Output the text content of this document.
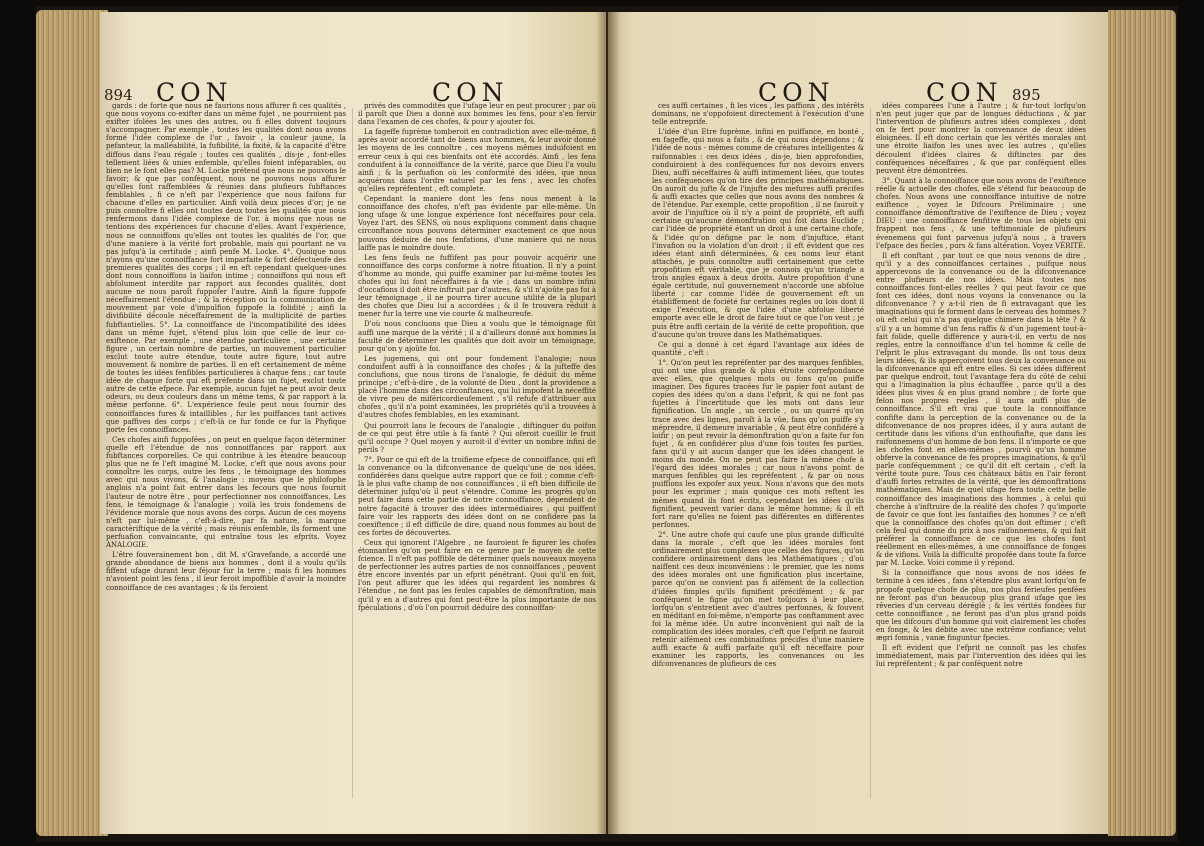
894 CON	CON

gards : de forte que nous ne faurions nous affurer fi ces qualités , que nous voyons co-exifter dans un même fujet , ne pourroient pas exifter ifolées les unes des autres, ou fi elles doivent toujours s'accompagner. Par exemple , toutes les qualités dont nous avons formé l'idée complexe de l'or , favoir , la couleur jaune, la pefanteur, la malléabilité, la fufibilité, la fixité, & la capacité d'être diffous dans l'eau régale ; toutes ces qualités , dis-je , font-elles tellement liées & unies enfemble, qu'elles foient inféparables, ou bien ne le font elles pas? M. Locke prétend que nous ne pouvons le favoir; & que par conféquent, nous ne pouvons nous affurer qu'elles font raffemblées & réunies dans plufieurs fubftances femblables , fi ce n'eft par l'expérience que nous faifons fur chacune d'elles en particulier. Ainfi voilà deux pieces d'or; je ne puis connoître fi elles ont toutes deux toutes les qualités que nous renfermons dans l'idée complexe de l'or, à moins que nous ne tentions des expériences fur chacune d'elles. Avant l'expérience, nous ne connoiffons qu'elles ont toutes les qualités de l'or, que d'une maniere à la vérité fort probable, mais qui pourtant ne va pas jufqu'à la certitude ; ainfi penfe M. Locke. 4°. Quoique nous n'ayons qu'une connoiffance fort imparfaite & fort défectueufe des premieres qualités des corps ; il en eft cependant quelques-unes dont nous connoiffons la liaifon intime ; connoiffons qui nous eft abfolument interdite par rapport aux fecondes qualités, dont aucune ne nous paroît fuppofer l'autre. Ainfi la figure fuppofe néceffairement l'étendue ; & la réception ou la communication de mouvement par voie d'impulfion fuppofe la folidité ; ainfi la divifibilité découle néceffairement de la multiplicité de parties fubftantielles. 5°. La connoiffance de l'incompatibilité des idées dans un même fujet, s'étend plus loin que celle de leur co-exiftence. Par exemple , une étendue particuliere , une certaine figure , un certain nombre de parties, un mouvement particulier exclut toute autre étendue, toute autre figure, tout autre mouvement & nombre de parties. Il en eft certainement de même de toutes les idées fenfibles particulieres à chaque fens ; car toute idée de chaque forte qui eft préfente dans un fujet, exclut toute autre de cette efpece. Par exemple, aucun fujet ne peut avoir deux odeurs, ou deux couleurs dans un même tems, & par rapport à la même perfonne. 6°. L'expérience feule peut nous fournir des connoiffances fures & intaillibles , fur les puiffances tant actives que paffives des corps ; c'eft-là ce fur fonde ce fur la Phyfique porte fes connoiffances.

Ces chofes ainfi fuppofées , on peut en quelque façon déterminer quelle eft l'étendue de nos connoiffances par rapport aux fubftances corporelles. Ce qui contribue à les étendre beaucoup plus que ne fe l'eft imaginé M. Locke, c'eft que nous avons pour connoître les corps, outre les fens , le témoignage des hommes avec qui nous vivons, & l'analogie : moyens que le philofophe anglois n'a point fait entrer dans les fecours que nous fournit l'auteur de notre être , pour perfectionner nos connoiffances. Les fens, le témoignage & l'analogie ; voilà les trois fondemens de l'évidence morale que nous avons des corps. Aucun de ces moyens n'eft par lui-même , c'eft-à-dire, par fa nature, la marque caractériftique de la vérité ; mais réunis enfemble, ils forment une perfuafion convaincante, qui entraîne tous les efprits. Voyez ANALOGIE.

L'être fouverainement bon , dit M. s'Gravefande, a accordé une grande abondance de biens aux hommes , dont il a voulu qu'ils fiffent ufage durant leur féjour fur la terre ; mais fi les hommes n'avoient point les fens , il leur feroit impoffible d'avoir la moindre connoiffance de ces avantages ; & ils feroient

privés des commodités que l'ufage leur en peut procurer ; par où il paroît que Dieu a donné aux hommes les fens, pour s'en fervir dans l'examen de ces chofes, & pour y ajouter foi.

La fageffe fuprème tomberoit en contradiction avec elle-même, fi après avoir accordé tant de biens aux hommes, & leur avoir donné les moyens de les connoître , ces moyens mêmes induifoient en erreur ceux à qui ces bienfaits ont été accordés. Ainfi , les fens conduifent à la connoiffance de la vérité, parce que Dieu l'a voulu ainfi ; & la perfuafion où les conformité des idées, que nous acquérons dans l'ordre naturel par les fens , avec les chofes qu'elles repréfentent , eft complete.

Cependant la maniere dont les fens nous menent à la connoiffance des chofes, n'eft pas évidente par elle-même. Un long ufage & une longue expérience font néceffaires pour cela. Voyez l'art. des SENS, où nous expliquons comment dans chaque circonftance nous pouvons déterminer exactement ce que nous pouvons déduire de nos fenfations, d'une maniere qui ne nous laiffe pas le moindre doute.

Les fens feuls ne fuffifent pas pour pouvoir acquérir une connoiffance des corps conforme à notre fituation. Il n'y a point d'homme au monde, qui puiffe examiner par lui-même toutes les chofes qui lui font néceffaires à fa vie ; dans un nombre infini d'occafions il doit être inftruit par d'autres, & s'il n'ajoûte pas foi à leur témoignage , il ne pourra tirer aucune utilité de la plupart des chofes que Dieu lui a accordées ; & il fe trouvera réduit à mener fur la terre une vie courte & malheureufe.

D'où nous concluons que Dieu a voulu que le témoignage fût auffi une marque de la vérité ; il a d'ailleurs donné aux hommes la faculté de déterminer les qualités que doit avoir un témoignage, pour qu'on y ajoûte foi.

Les jugemens, qui ont pour fondement l'analogie; nous conduifent auffi à la connoiffance des chofes ; & la jufteffe des conclufions, que nous tirons de l'analogie, fe déduit du même principe ; c'eft-à-dire , de la volonté de Dieu , dont la providence a placé l'homme dans des circonftances, qui lui impofent la néceffité de vivre peu de miféricordieufement , s'il refufe d'attribuer aux chofes , qu'il n'a point examinées, les propriétés qu'il a trouvées à d'autres chofes femblables, en les examinant.

Qui pourroit lans le fecours de l'analogie , diftinguer du poifon de ce qui peut être utile à fa fanté ? Qui oferoit cueillir le fruit qu'il occupe ? Quel moyen y auroit-il d'éviter un nombre infini de périls ?

7°. Pour ce qui eft de la troifieme efpece de connoiffance, qui eft la convenance ou la difconvenance de quelqu'une de nos idées, confidérées dans quelque autre rapport que ce foit ; comme c'eft-là le plus vafte champ de nos connoiffances , il eft bien difficile de déterminer jufqu'où il peut s'étendre. Comme les progrès qu'on peut faire dans cette partie de notre connoiffance, dépendent de notre fagacité à trouver des idées intermédiaires , qui puiffent faire voir les rapports des idées dont on ne confidere pas la coexiftence ; il eft difficile de dire, quand nous fommes au bout de ces fortes de découvertes.

Ceux qui ignorent l'Algebre , ne fauroient fe figurer les chofes étonnantes qu'on peut faire en ce genre par le moyen de cette fcience. Il n'eft pas poffible de déterminer quels nouveaux moyens de perfectionner les autres parties de nos connoiffances , peuvent être encore inventés par un efprit pénétrant. Quoi qu'il en foit, l'on peut affurer que les idées qui regardent les nombres & l'étendue , ne font pas les feules capables de démonftration, mais qu'il y en a d'autres qui font peut-être la plus importante de nos fpéculations , d'où l'on pourroit déduire des connoiffan-

CON	CON 895

ces auffi certaines , fi les vices , les paffions , des intérêts dominans, ne s'oppofoient directement à l'exécution d'une telle entreprife.

L'idée d'un Etre fuprème, infini en puiffance, en bonté , en fageffe, qui nous a faits , & de qui nous dépendons ; & l'idée de nous - mêmes comme de créatures intelligentes & raifonnables : ces deux idées , dis-je, bien approfondies, conduiroient à des conféquences fur nos devoirs envers Dieu, auffi néceffaires & auffi intimement liées, que toutes les conféquences qu'on tire des principes mathématiques. On auroit du jufte & de l'injufte des mefures auffi précifes & auffi exactes que celles que nous avons des nombres & de l'étendue. Par exemple, cette propofition , il ne fauroit y avoir de l'injuftice où il n'y a point de propriété, eft auffi certaine qu'aucune démonftration qui foit dans Euclide ; car l'idée de propriété étant un droit à une certaine chofe, & l'idée qu'on défigne par le nom d'injuftice, étant l'invafion ou la violation d'un droit ; il eft évident que ces idées étant ainfi déterminées, & ces noms leur étant attachés, je puis connoître auffi certainement que cette propofition eft véritable, que je connois qu'un triangle a trois angles égaux à deux droits. Autre propofition d'une égale certitude, nul gouvernement n'accorde une abfolue liberté ; car comme l'idée de gouvernement eft un établiffement de fociété fur certaines regles ou lois dont il exige l'exécution, & que l'idée d'une abfolue liberté emporte avec elle le droit de faire tout ce que l'on veut ; je puis être auffi certain de la vérité de cette propofition, que d'aucune qu'on trouve dans les Mathématiques.

Ce qui a donné à cet égard l'avantage aux idées de quantité , c'eft :

1°. Qu'on peut les repréfenter par des marques fenfibles, qui ont une plus grande & plus étroite correfpondance avec elles, que quelques mots ou fons qu'on puiffe imaginer. Des figures tracées fur le papier font autant de copies des idées qu'on a dans l'efprit, & qui ne font pas fujettes à l'incertitude que les mots ont dans leur fignification. Un angle , un cercle , ou un quarré qu'on trace avec des lignes, paroît à la vûe, fans qu'on puiffe s'y méprendre, il demeure invariable , & peut être confidéré à loifir ; on peut revoir la démonftration qu'on a faite fur fon fujet , & en confidérer plus d'une fois toutes fes parties, fans qu'il y ait aucun danger que les idées changent le moins du monde. On ne peut pas faire la même chofe à l'égard des idées morales ; car nous n'avons point de marques fenfibles qui les repréfentent , & par où nous puiffions les expofer aux yeux. Nous n'avons que des mots pour les exprimer ; mais quoique ces mots reftent les mêmes quand ils font écrits, cependant les idées qu'ils fignifient, peuvent varier dans le même homme; & il eft fort rare qu'elles ne foient pas différentes en différentes perfonnes.

2°. Une autre chofe qui caufe une plus grande difficulté dans la morale , c'eft que les idées morales font ordinairement plus complexes que celles des figures, qu'on confidere ordinairement dans les Mathématiques ; d'où naiffent ces deux inconvéniens : le premier, que les noms des idées morales ont une fignification plus incertaine, parce qu'on ne convient pas fi aifément de la collection d'idées fimples qu'ils fignifient précifément ; & par conféquent le figne qu'on met toûjours à leur place, lorfqu'on s'entretient avec d'autres perfonnes, & fouvent en méditant en foi-même, n'emporte pas conftamment avec foi la même idée. Un autre inconvénient qui naît de la complication des idées morales, c'eft que l'efprit ne fauroit retenir aifément ces combinaifons précifes d'une maniere auffi exacte & auffi parfaite qu'il eft néceffaire pour examiner les rapports, les convenances ou les difconvenances de plufieurs de ces

idées comparées l'une à l'autre ; & fur-tout lorfqu'on n'en peut juger que par de longues déductions , & par l'intervention de plufieurs autres idées complexes , dont on fe fert pour montrer la convenance de deux idées éloignées. Il eft donc certain que les vérités morales ont une étroite liaifon les unes avec les autres , qu'elles découlent d'idées claires & diftinctes par des conféquences néceffaires , & que par conféquent elles peuvent être démontrées.

3°. Quant à la connoiffance que nous avons de l'exiftence réelle & actuelle des chofes, elle s'étend fur beaucoup de chofes. Nous avons une connoiffance intuitive de notre exiftence , voyez le Difcours Préliminaire ; une connoiffance démonftrative de l'exiftence de Dieu ; voyez DIEU : une connoiffance fenfitive de tous les objets qui frappent nos fens , & une teftimoniale de plufieurs évenemens qui font parvenus jufqu'à nous , à travers l'efpace des fiecles , purs & fans altération. Voyez VÉRITÉ.

Il eft conftant , par tout ce que nous venons de dire , qu'il y a des connoiffances certaines , puifque nous appercevons de la convenance ou de la difconvenance entre plufieurs de nos idées. Mais toutes nos connoiffances font-elles réelles ? qui peut favoir ce que font ces idées, dont nous voyons la convenance ou la difconvenance ? y a-t-il rien de fi extravagant que les imaginations qui fe forment dans le cerveau des hommes ? où eft celui qui n'a pas quelque chimere dans la tête ? & s'il y a un homme d'un fens raffis & d'un jugement tout-à-fait folide, quelle différence y aura-t-il, en vertu de nos regles, entre la connoiffance d'un tel homme & celle de l'efprit le plus extravagant du monde. Ils ont tous deux leurs idées, & ils apperçoivent tous deux la convenance ou la difconvenance qui eft entre elles. Si ces idées différent par quelque endroit, tout l'avantage fera du côté de celui qui a l'imagination la plus échauffée , parce qu'il a des idées plus vives & en plus grand nombre ; de forte que felon nos propres regles , il aura auffi plus de connoiffance. S'il eft vrai que toute la connoiffance confifte dans la perception de la convenance ou de la difconvenance de nos propres idées, il y aura autant de certitude dans les vifions d'un enthoufiafte, que dans les raifonnemens d'un homme de bon fens. Il n'importe ce que les chofes font en elles-mêmes , pourvû qu'un homme obferve la convenance de fes propres imaginations, & qu'il parle conféquemment ; ce qu'il dit eft certain , c'eft la vérité toute pure. Tous ces châteaux bâtis en l'air feront d'auffi fortes retraites de la vérité, que les démonftrations mathématiques. Mais de quel ufage fera toute cette belle connoiffance des imaginations des hommes , à celui qui cherche à s'inftruire de la réalité des chofes ? qu'importe de favoir ce que font les fantaifies des hommes ? ce n'eft que la connoiffance des chofes qu'on doit eftimer ; c'eft cela feul qui donne du prix à nos raifonnemens, & qui fait préférer la connoiffance de ce que les chofes font réellement en elles-mêmes, à une connoiffance de fonges & de vifions. Voilà la difficulté propofée dans toute fa force par M. Locke. Voici comme il y répond.

Si la connoiffance que nous avons de nos idées fe termine à ces idées , fans s'étendre plus avant lorfqu'on fe propofe quelque chofe de plus, nos plus férieufes penfées ne feront pas d'un beaucoup plus grand ufage que les rêveries d'un cerveau déréglé ; & les vérités fondées fur cette connoiffance , ne feront pas d'un plus grand poids que les difcours d'un homme qui voit clairement les chofes en fonge, & les débite avec une extrême confiance; velut ægri fomnia , vanæ finguntur fpecies.

Il eft évident que l'efprit ne connoît pas les chofes immédiatement, mais par l'intervention des idées qui les lui repréfentent ; & par conféquent notre
